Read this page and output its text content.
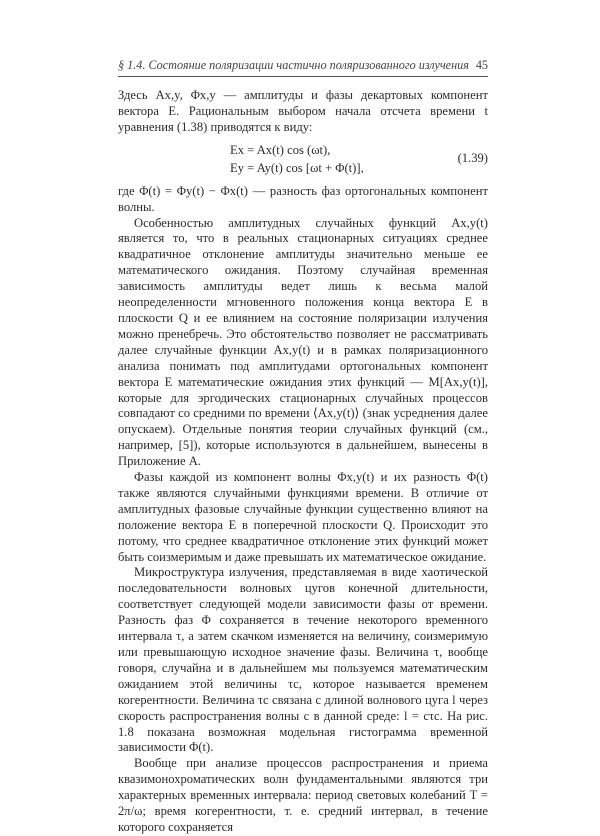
§ 1.4. Состояние поляризации частично поляризованного излучения 45

Здесь Ax,y, Φx,y — амплитуды и фазы декартовых компонент вектора E. Рациональным выбором начала отсчета времени t уравнения (1.38) приводятся к виду:

Ex = Ax(t) cos (ωt),
Ey = Ay(t) cos [ωt + Φ(t)],
(1.39)

где Φ(t) = Φy(t) − Φx(t) — разность фаз ортогональных компонент волны.

Особенностью амплитудных случайных функций Ax,y(t) является то, что в реальных стационарных ситуациях среднее квадратичное отклонение амплитуды значительно меньше ее математического ожидания. Поэтому случайная временная зависимость амплитуды ведет лишь к весьма малой неопределенности мгновенного положения конца вектора E в плоскости Q и ее влиянием на состояние поляризации излучения можно пренебречь. Это обстоятельство позволяет не рассматривать далее случайные функции Ax,y(t) и в рамках поляризационного анализа понимать под амплитудами ортогональных компонент вектора E математические ожидания этих функций — M[Ax,y(t)], которые для эргодических стационарных случайных процессов совпадают со средними по времени ⟨Ax,y(t)⟩ (знак усреднения далее опускаем). Отдельные понятия теории случайных функций (см., например, [5]), которые используются в дальнейшем, вынесены в Приложение А.

Фазы каждой из компонент волны Φx,y(t) и их разность Φ(t) также являются случайными функциями времени. В отличие от амплитудных фазовые случайные функции существенно влияют на положение вектора E в поперечной плоскости Q. Происходит это потому, что среднее квадратичное отклонение этих функций может быть соизмеримым и даже превышать их математическое ожидание.

Микроструктура излучения, представляемая в виде хаотической последовательности волновых цугов конечной длительности, соответствует следующей модели зависимости фазы от времени. Разность фаз Φ сохраняется в течение некоторого временного интервала τ, а затем скачком изменяется на величину, соизмеримую или превышающую исходное значение фазы. Величина τ, вообще говоря, случайна и в дальнейшем мы пользуемся математическим ожиданием этой величины τc, которое называется временем когерентности. Величина τc связана с длиной волнового цуга l через скорость распространения волны c в данной среде: l = cτc. На рис. 1.8 показана возможная модельная гистограмма временной зависимости Φ(t).

Вообще при анализе процессов распространения и приема квазимонохроматических волн фундаментальными являются три характерных временных интервала: период световых колебаний T = 2π/ω; время когерентности, т. е. средний интервал, в течение которого сохраняется
